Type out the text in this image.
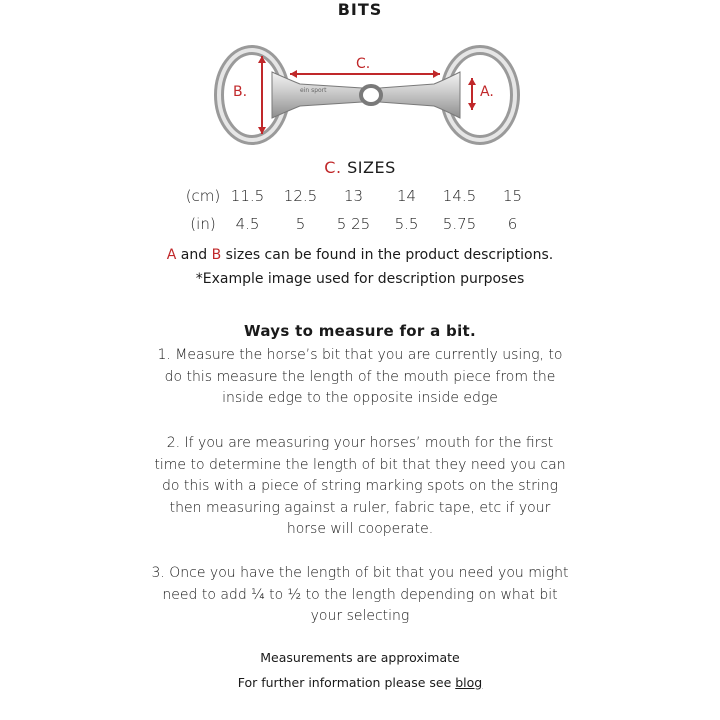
BITS
ein sport
C.
B.	A.
C. SIZES
(cm)	11.5	12.5	13	14	14.5	15
(in)	4.5	5	5 25	5.5	5.75	6
A and B sizes can be found in the product descriptions.
*Example image used for description purposes
Ways to measure for a bit.
1. Measure the horse’s bit that you are currently using, to do this measure the length of the mouth piece from the inside edge to the opposite inside edge
2. If you are measuring your horses’ mouth for the first time to determine the length of bit that they need you can do this with a piece of string marking spots on the string then measuring against a ruler, fabric tape, etc if your horse will cooperate.
3. Once you have the length of bit that you need you might need to add ¼ to ½ to the length depending on what bit your selecting
Measurements are approximate
For further information please see blog
